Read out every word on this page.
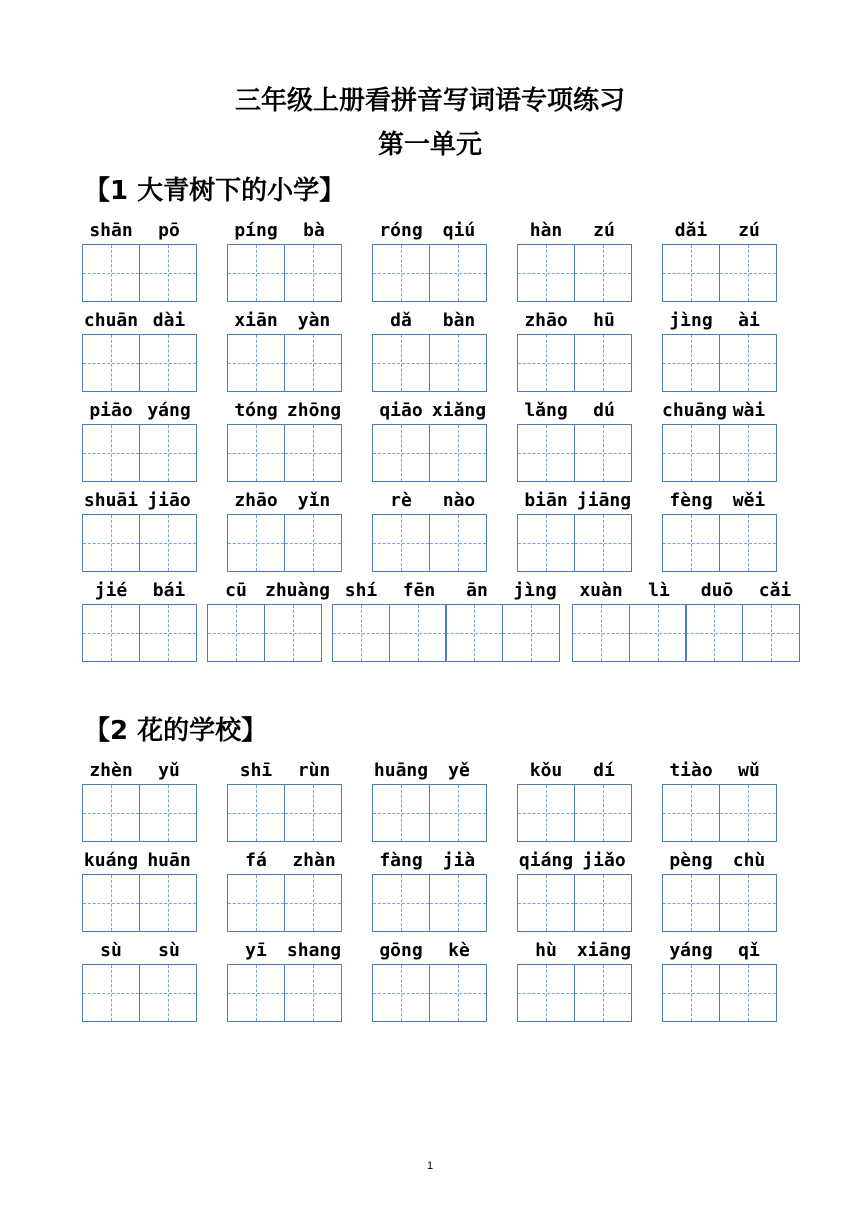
三年级上册看拼音写词语专项练习
第一单元
【1 大青树下的小学】
【2 花的学校】
shān	pō	píng	bà	róng	qiú	hàn	zú	dǎi	zú
chuān dài	xiān	yàn	dǎ	bàn	zhāo	hū	jìng	ài
piāo yáng	tóng zhōng	qiāo xiǎng	lǎng	dú	chuāng wài
shuāi jiāo	zhāo	yǐn	rè	nào	biān jiāng	fèng	wěi
jié	bái	cū	zhuàng shí	fēn	ān	jìng	xuàn	lì	duō	cǎi
zhèn	yǔ	shī	rùn	huāng	yě	kǒu	dí	tiào	wǔ
kuáng huān	fá	zhàn	fàng	jià	qiáng jiǎo	pèng	chù
sù	sù	yī	shang	gōng	kè	hù	xiāng	yáng	qǐ
1
